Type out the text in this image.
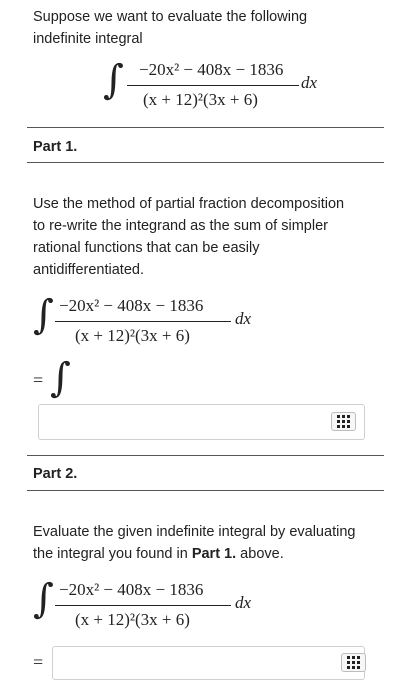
Suppose we want to evaluate the following
indefinite integral
∫ −20x² − 408x − 1836
(x + 12)²(3x + 6)
dx
Part 1.
Use the method of partial fraction decomposition
to re-write the integrand as the sum of simpler
rational functions that can be easily
antidifferentiated.
∫ −20x² − 408x − 1836
(x + 12)²(3x + 6)
dx
= ∫
Part 2.
Evaluate the given indefinite integral by evaluating
the integral you found in Part 1. above.
∫ −20x² − 408x − 1836
(x + 12)²(3x + 6)
dx
=
